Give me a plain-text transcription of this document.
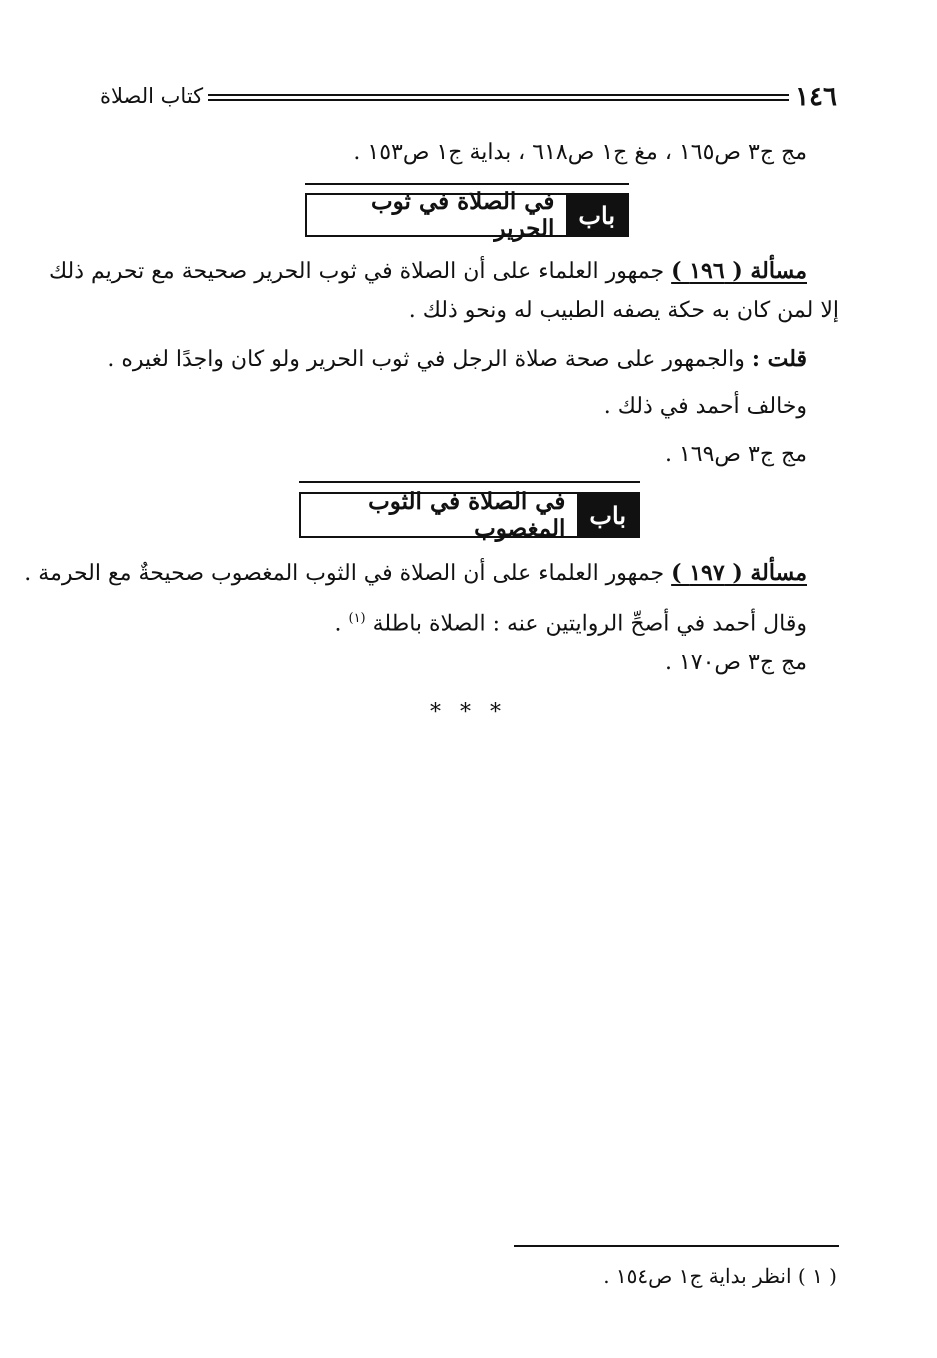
١٤٦
كتاب الصلاة
مج ج٣ ص١٦٥ ، مغ ج١ ص٦١٨ ، بداية ج١ ص١٥٣ .
باب
في الصلاة في ثوب الحرير
مسألة ( ١٩٦ ) جمهور العلماء على أن الصلاة في ثوب الحرير صحيحة مع تحريم ذلك
إلا لمن كان به حكة يصفه الطبيب له ونحو ذلك .
قلت : والجمهور على صحة صلاة الرجل في ثوب الحرير ولو كان واجدًا لغيره .
وخالف أحمد في ذلك .
مج ج٣ ص١٦٩ .
باب
في الصلاة في الثوب المغصوب
مسألة ( ١٩٧ ) جمهور العلماء على أن الصلاة في الثوب المغصوب صحيحةٌ مع الحرمة .
وقال أحمد في أصحِّ الروايتين عنه : الصلاة باطلة $^{(١)}$ .
مج ج٣ ص١٧٠ .
* * *
( ١ ) انظر بداية ج١ ص١٥٤ .
